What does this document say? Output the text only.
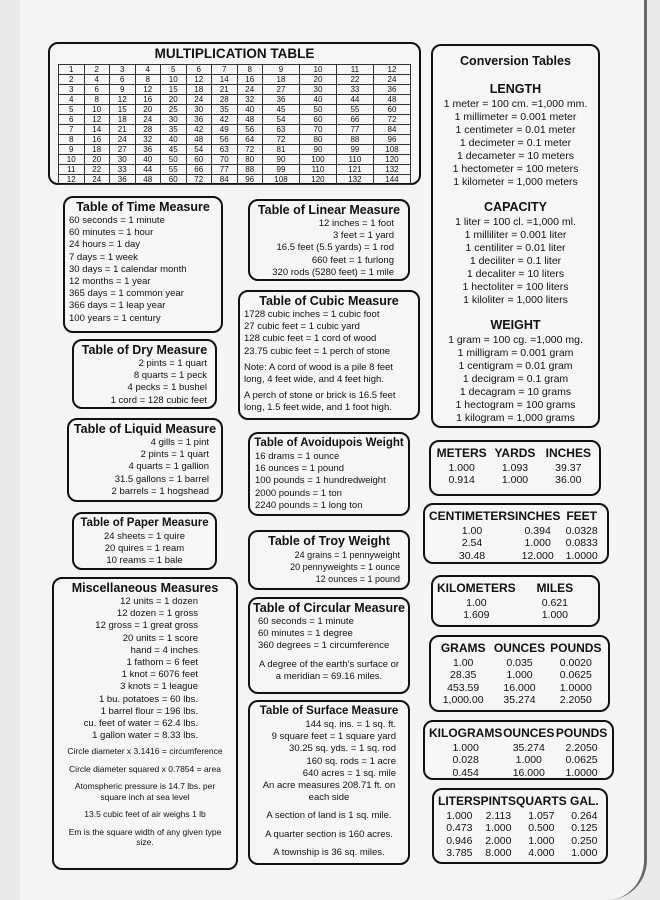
MULTIPLICATION TABLE
1	2	3	4	5	6	7	8	9	10	11	12
2	4	6	8	10	12	14	16	18	20	22	24
3	6	9	12	15	18	21	24	27	30	33	36
4	8	12	16	20	24	28	32	36	40	44	48
5	10	15	20	25	30	35	40	45	50	55	60
6	12	18	24	30	36	42	48	54	60	66	72
7	14	21	28	35	42	49	56	63	70	77	84
8	16	24	32	40	48	56	64	72	80	88	96
9	18	27	36	45	54	63	72	81	90	99	108
10	20	30	40	50	60	70	80	90	100	110	120
11	22	33	44	55	66	77	88	99	110	121	132
12	24	36	48	60	72	84	96	108	120	132	144
Table of Time Measure
60 seconds = 1 minute
60 minutes = 1 hour
24 hours = 1 day
7 days = 1 week
30 days = 1 calendar month
12 months = 1 year
365 days = 1 common year
366 days = 1 leap year
100 years = 1 century
Table of Linear Measure
12 inches = 1 foot
3 feet = 1 yard
16.5 feet (5.5 yards) = 1 rod
660 feet = 1 furlong
320 rods (5280 feet) = 1 mile
Table of Cubic Measure
1728 cubic inches = 1 cubic foot
27 cubic feet = 1 cubic yard
128 cubic feet = 1 cord of wood
23.75 cubic feet = 1 perch of stone
Note: A cord of wood is a pile 8 feet long, 4 feet wide, and 4 feet high.
A perch of stone or brick is 16.5 feet long, 1.5 feet wide, and 1 foot high.
Table of Dry Measure
2 pints = 1 quart
8 quarts = 1 peck
4 pecks = 1 bushel
1 cord = 128 cubic feet
Table of Liquid Measure
4 gills = 1 pint
2 pints = 1 quart
4 quarts = 1 gallion
31.5 gallons = 1 barrel
2 barrels = 1 hogshead
Table of Avoidupois Weight
16 drams = 1 ounce
16 ounces = 1 pound
100 pounds = 1 hundredweight
2000 pounds = 1 ton
2240 pounds = 1 long ton
Table of Paper Measure
24 sheets = 1 quire
20 quires = 1 ream
10 reams = 1 bale
Table of Troy Weight
24 grains = 1 pennyweight
20 pennyweights = 1 ounce
12 ounces = 1 pound
Miscellaneous Measures
12 units = 1 dozen
12 dozen = 1 gross
12 gross = 1 great gross
20 units = 1 score
hand = 4 inches
1 fathom = 6 feet
1 knot = 6076 feet
3 knots = 1 league
1 bu. potatoes = 60 lbs.
1 barrel flour = 196 lbs.
cu. feet of water = 62.4 lbs.
1 gallon water = 8.33 lbs.
Circle diameter x 3.1416 = circumference
Circle diameter squared x 0.7854 = area
Atomspheric pressure is 14.7 lbs. per square inch at sea level
13.5 cubic feet of air weighs 1 lb
Em is the square width of any given type size.
Table of Circular Measure
60 seconds = 1 minute
60 minutes = 1 degree
360 degrees = 1 circumference
A degree of the earth's surface or a meridian = 69.16 miles.
Table of Surface Measure
144 sq. ins. = 1 sq. ft.
9 square feet = 1 square yard
30.25 sq. yds. = 1 sq. rod
160 sq. rods = 1 acre
640 acres = 1 sq. mile
An acre measures 208.71 ft. on each side
A section of land is 1 sq. mile.
A quarter section is 160 acres.
A township is 36 sq. miles.
Conversion Tables
LENGTH
1 meter = 100 cm. =1,000 mm.
1 millimeter = 0.001 meter
1 centimeter = 0.01 meter
1 decimeter = 0.1 meter
1 decameter = 10 meters
1 hectometer = 100 meters
1 kilometer = 1,000 meters
CAPACITY
1 liter = 100 cl. =1,000 ml.
1 milliliter = 0.001 liter
1 centiliter = 0.01 liter
1 deciliter = 0.1 liter
1 decaliter = 10 liters
1 hectoliter = 100 liters
1 kiloliter = 1,000 liters
WEIGHT
1 gram = 100 cg. =1,000 mg.
1 milligram = 0.001 gram
1 centigram = 0.01 gram
1 decigram = 0.1 gram
1 decagram = 10 grams
1 hectogram = 100 grams
1 kilogram = 1,000 grams
METERS YARDS INCHES
1.000	1.093	39.37
0.914	1.000	36.00
CENTIMETERS INCHES FEET
1.00	0.394	0.0328
2.54	1.000	0.0833
30.48	12.000	1.0000
KILOMETERS	MILES
1.00	0.621
1.609	1.000
GRAMS OUNCES POUNDS
1.00	0.035	0.0020
28.35	1.000	0.0625
453.59	16.000	1.0000
1,000.00	35.274	2.2050
KILOGRAMS OUNCES POUNDS
1.000	35.274	2.2050
0.028	1.000	0.0625
0.454	16.000	1.0000
LITERS PINTS QUARTS GAL.
1.000	2.113	1.057	0.264
0.473	1.000	0.500	0.125
0.946	2.000	1.000	0.250
3.785	8.000	4.000	1.000
